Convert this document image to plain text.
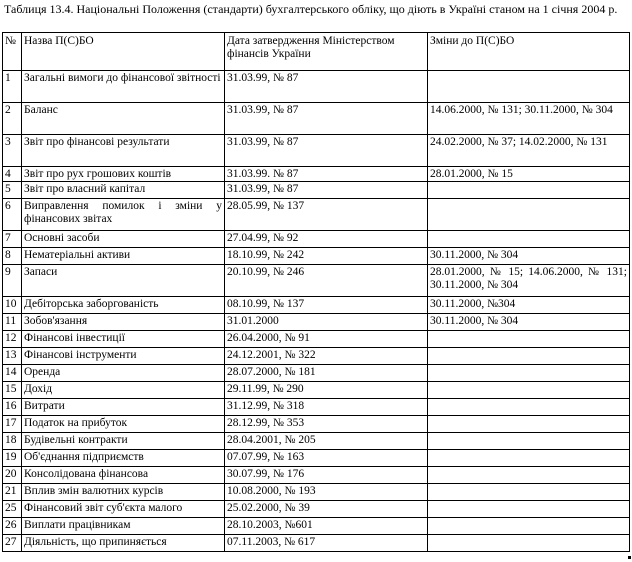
Таблиця 13.4. Національні Положення (стандарти) бухгалтерського обліку, що діють в Україні станом на 1 січня 2004 р.

№	Назва П(С)БО	Дата затвердження Міністерством фінансів України	Зміни до П(С)БО
1	Загальні вимоги до фінансової звітності	31.03.99, № 87	
2	Баланс	31.03.99, № 87	14.06.2000, № 131; 30.11.2000, № 304
3	Звіт про фінансові результати	31.03.99, № 87	24.02.2000, № 37; 14.02.2000, № 131
4	Звіт про рух грошових коштів	31.03.99. № 87	28.01.2000, № 15
5	Звіт про власний капітал	31.03.99, № 87	
6	Виправлення помилок і зміни у фінансових звітах	28.05.99, № 137	
7	Основні засоби	27.04.99, № 92	
8	Нематеріальні активи	18.10.99, № 242	30.11.2000, № 304
9	Запаси	20.10.99, № 246	28.01.2000, № 15; 14.06.2000, № 131; 30.11.2000, № 304
10	Дебіторська заборгованість	08.10.99, № 137	30.11.2000, №304
11	Зобов'язання	31.01.2000	30.11.2000, № 304
12	Фінансові інвестиції	26.04.2000, № 91	
13	Фінансові інструменти	24.12.2001, № 322	
14	Оренда	28.07.2000, № 181	
15	Дохід	29.11.99, № 290	
16	Витрати	31.12.99, № 318	
17	Податок на прибуток	28.12.99, № 353	
18	Будівельні контракти	28.04.2001, № 205	
19	Об'єднання підприємств	07.07.99, № 163	
20	Консолідована фінансова	30.07.99, № 176	
21	Вплив змін валютних курсів	10.08.2000, № 193	
25	Фінансовий звіт суб'єкта малого	25.02.2000, № 39	
26	Виплати працівникам	28.10.2003, №601	
27	Діяльність, що припиняється	07.11.2003, № 617	
